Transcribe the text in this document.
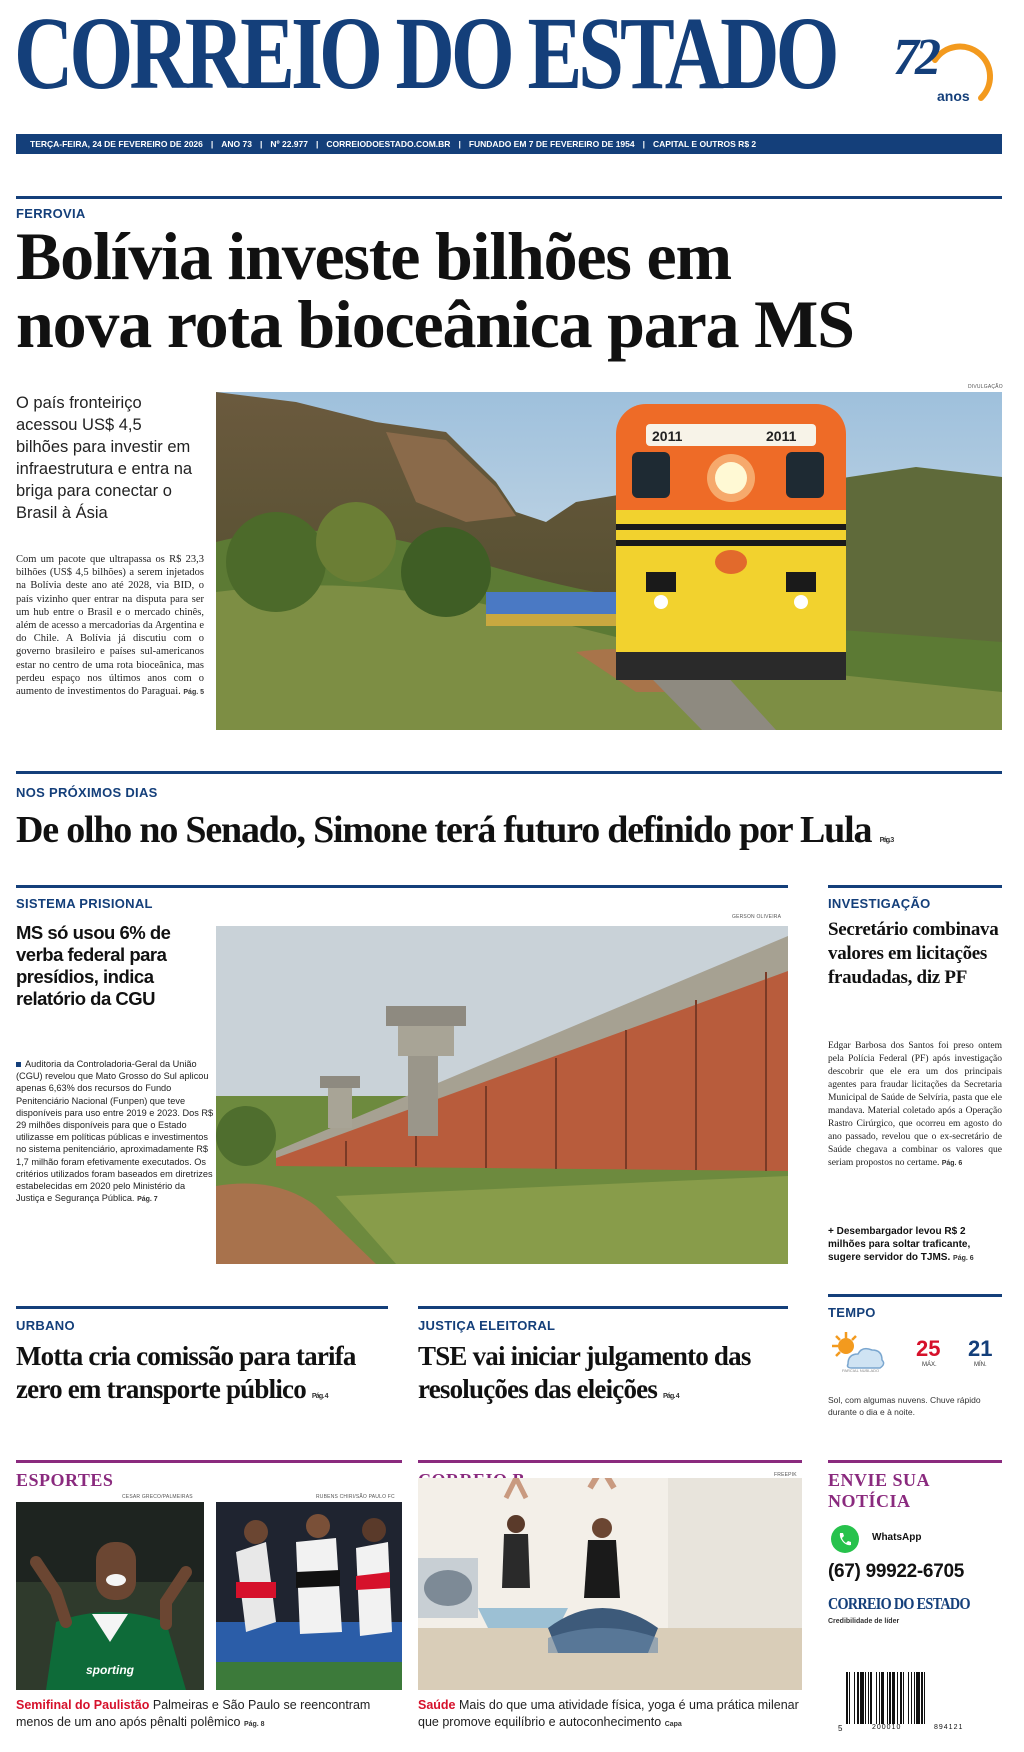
CORREIO DO ESTADO 72
anos
TERÇA-FEIRA, 24 DE FEVEREIRO DE 2026 | ANO 73 | Nº 22.977 | CORREIODOESTADO.COM.BR | FUNDADO EM 7 DE FEVEREIRO DE 1954 | CAPITAL E OUTROS R$ 2
FERROVIA
Bolívia investe bilhões em
nova rota bioceânica para MS
O país fronteiriço acessou US$ 4,5 bilhões para investir em infraestrutura e entra na briga para conectar o Brasil à Ásia
Com um pacote que ultrapassa os R$ 23,3 bilhões (US$ 4,5 bilhões) a serem injetados na Bolívia deste ano até 2028, via BID, o país vizinho quer entrar na disputa para ser um hub entre o Brasil e o mercado chinês, além de acesso a mercadorias da Argentina e do Chile. A Bolívia já discutiu com o governo brasileiro e países sul-americanos estar no centro de uma rota bioceânica, mas perdeu espaço nos últimos anos com o aumento de investimentos do Paraguai. Pág. 5
DIVULGAÇÃO
2011	2011
NOS PRÓXIMOS DIAS
De olho no Senado, Simone terá futuro definido por Lula Pág. 3
SISTEMA PRISIONAL
MS só usou 6% de verba federal para presídios, indica relatório da CGU
Auditoria da Controladoria-Geral da União (CGU) revelou que Mato Grosso do Sul aplicou apenas 6,63% dos recursos do Fundo Penitenciário Nacional (Funpen) que teve disponíveis para uso entre 2019 e 2023. Dos R$ 29 milhões disponíveis para que o Estado utilizasse em políticas públicas e investimentos no sistema penitenciário, aproximadamente R$ 1,7 milhão foram efetivamente executados. Os critérios utilizados foram baseados em diretrizes estabelecidas em 2020 pelo Ministério da Justiça e Segurança Pública. Pág. 7
GERSON OLIVEIRA
INVESTIGAÇÃO
Secretário combinava valores em licitações fraudadas, diz PF
Edgar Barbosa dos Santos foi preso ontem pela Polícia Federal (PF) após investigação descobrir que ele era um dos principais agentes para fraudar licitações da Secretaria Municipal de Saúde de Selvíria, pasta que ele mandava. Material coletado após a Operação Rastro Cirúrgico, que ocorreu em agosto do ano passado, revelou que o ex-secretário de Saúde chegava a combinar os valores que seriam propostos no certame. Pág. 6
+ Desembargador levou R$ 2 milhões para soltar traficante, sugere servidor do TJMS. Pág. 6
URBANO
Motta cria comissão para tarifa zero em transporte público Pág. 4
JUSTIÇA ELEITORAL
TSE vai iniciar julgamento das resoluções das eleições Pág. 4
TEMPO
PARCIAL NUBLADO
25
MÁX.
21
MÍN.
Sol, com algumas nuvens. Chuve rápido durante o dia e à noite.
ESPORTES
CESAR GRECO/PALMEIRAS	RUBENS CHIRI/SÃO PAULO FC
sporting
Semifinal do Paulistão Palmeiras e São Paulo se reencontram menos de um ano após pênalti polêmico Pág. 8
FREEPIK
Saúde Mais do que uma atividade física, yoga é uma prática milenar que promove equilíbrio e autoconhecimento Capa
ENVIE SUA
NOTÍCIA
WhatsApp
(67) 99922-6705
CORREIO DO ESTADO
Credibilidade de líder
5	200010	894121
